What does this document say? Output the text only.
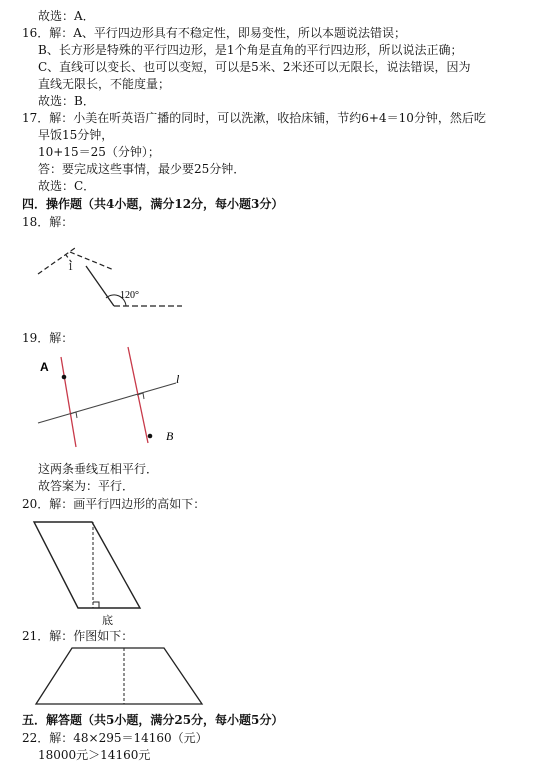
故选：A．
16．解：A、平行四边形具有不稳定性，即易变性，所以本题说法错误；
B、长方形是特殊的平行四边形，是1个角是直角的平行四边形，所以说法正确；
C、直线可以变长、也可以变短，可以是5米、2米还可以无限长，说法错误，因为
直线无限长，不能度量；
故选：B．
17．解：小美在听英语广播的同时，可以洗漱，收拾床铺，节约6+4＝10分钟，然后吃
早饭15分钟，
10+15＝25（分钟）；
答：要完成这些事情，最少要25分钟．
故选：C．
四．操作题（共4小题，满分12分，每小题3分）
18．解：
1
120°
19．解：
A
B
l
这两条垂线互相平行．
故答案为：平行．
20．解：画平行四边形的高如下：
底
21．解：作图如下：
五．解答题（共5小题，满分25分，每小题5分）
22．解：48×295＝14160（元）
18000元＞14160元
